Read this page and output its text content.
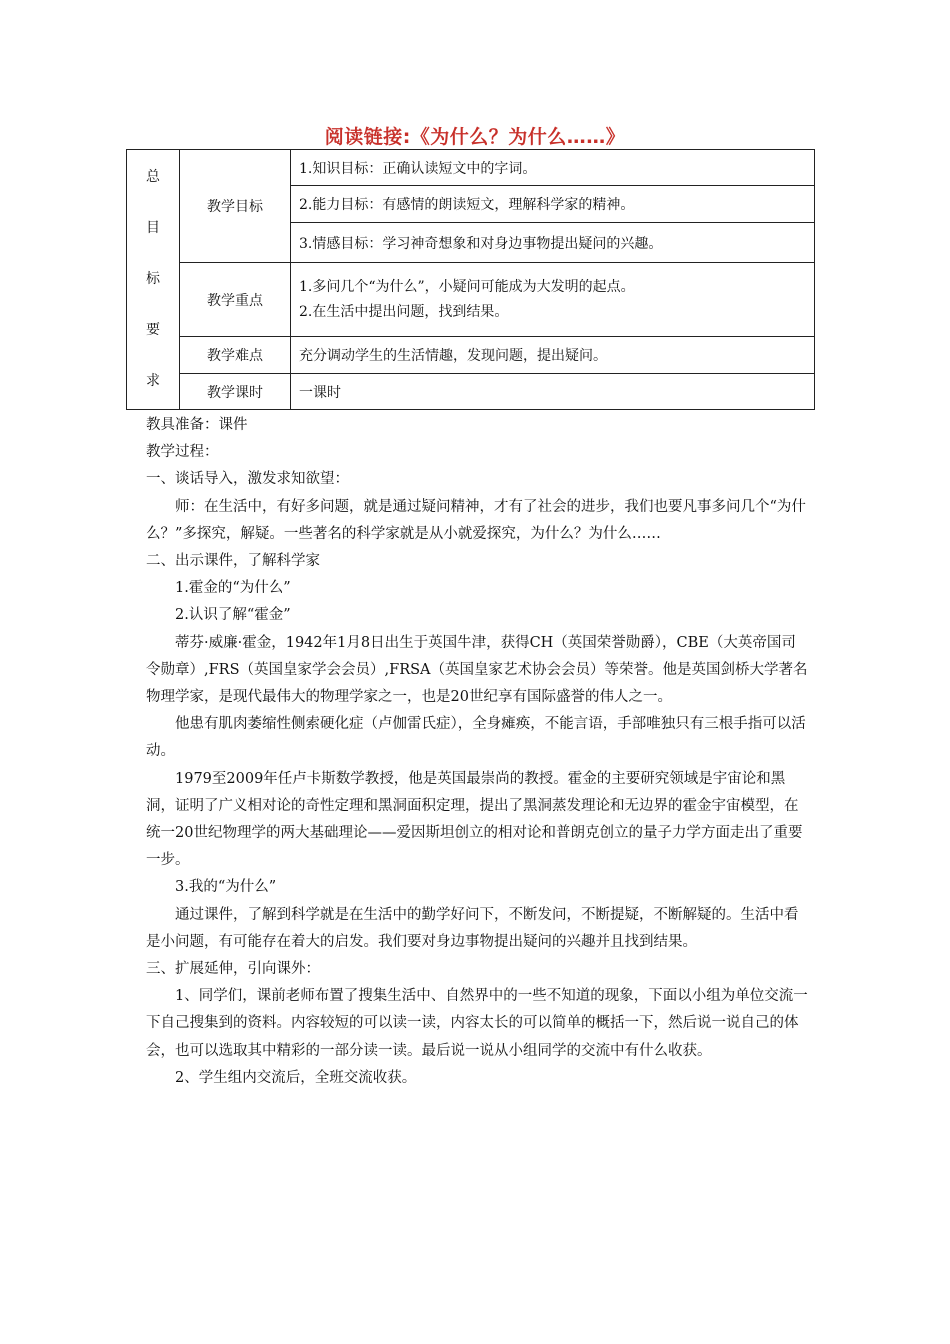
阅读链接:《为什么？为什么……》
总
目
标
要
求	教学目标	1.知识目标：正确认读短文中的字词。
		2.能力目标：有感情的朗读短文，理解科学家的精神。
		3.情感目标：学习神奇想象和对身边事物提出疑问的兴趣。
	教学重点	1.多问几个“为什么”，小疑问可能成为大发明的起点。
2.在生活中提出问题，找到结果。

	教学难点	充分调动学生的生活情趣，发现问题，提出疑问。
	教学课时	一课时

教具准备：课件

教学过程：

一、谈话导入，激发求知欲望：

师：在生活中，有好多问题，就是通过疑问精神，才有了社会的进步，我们也要凡事多问几个“为什么？”多探究，解疑。一些著名的科学家就是从小就爱探究，为什么？为什么……

二、出示课件，了解科学家

1.霍金的“为什么”

2.认识了解“霍金”

蒂芬·威廉·霍金，1942年1月8日出生于英国牛津，获得CH（英国荣誉勋爵），CBE（大英帝国司令勋章）,FRS（英国皇家学会会员）,FRSA（英国皇家艺术协会会员）等荣誉。他是英国剑桥大学著名物理学家，是现代最伟大的物理学家之一，也是20世纪享有国际盛誉的伟人之一。

他患有肌肉萎缩性侧索硬化症（卢伽雷氏症），全身瘫痪，不能言语，手部唯独只有三根手指可以活动。

1979至2009年任卢卡斯数学教授，他是英国最崇尚的教授。霍金的主要研究领域是宇宙论和黑洞，证明了广义相对论的奇性定理和黑洞面积定理，提出了黑洞蒸发理论和无边界的霍金宇宙模型，在统一20世纪物理学的两大基础理论——爱因斯坦创立的相对论和普朗克创立的量子力学方面走出了重要一步。

3.我的“为什么”

通过课件，了解到科学就是在生活中的勤学好问下，不断发问，不断提疑，不断解疑的。生活中看是小问题，有可能存在着大的启发。我们要对身边事物提出疑问的兴趣并且找到结果。

三、扩展延伸，引向课外：

1、同学们，课前老师布置了搜集生活中、自然界中的一些不知道的现象，下面以小组为单位交流一下自己搜集到的资料。内容较短的可以读一读，内容太长的可以简单的概括一下，然后说一说自己的体会，也可以选取其中精彩的一部分读一读。最后说一说从小组同学的交流中有什么收获。

2、学生组内交流后，全班交流收获。
